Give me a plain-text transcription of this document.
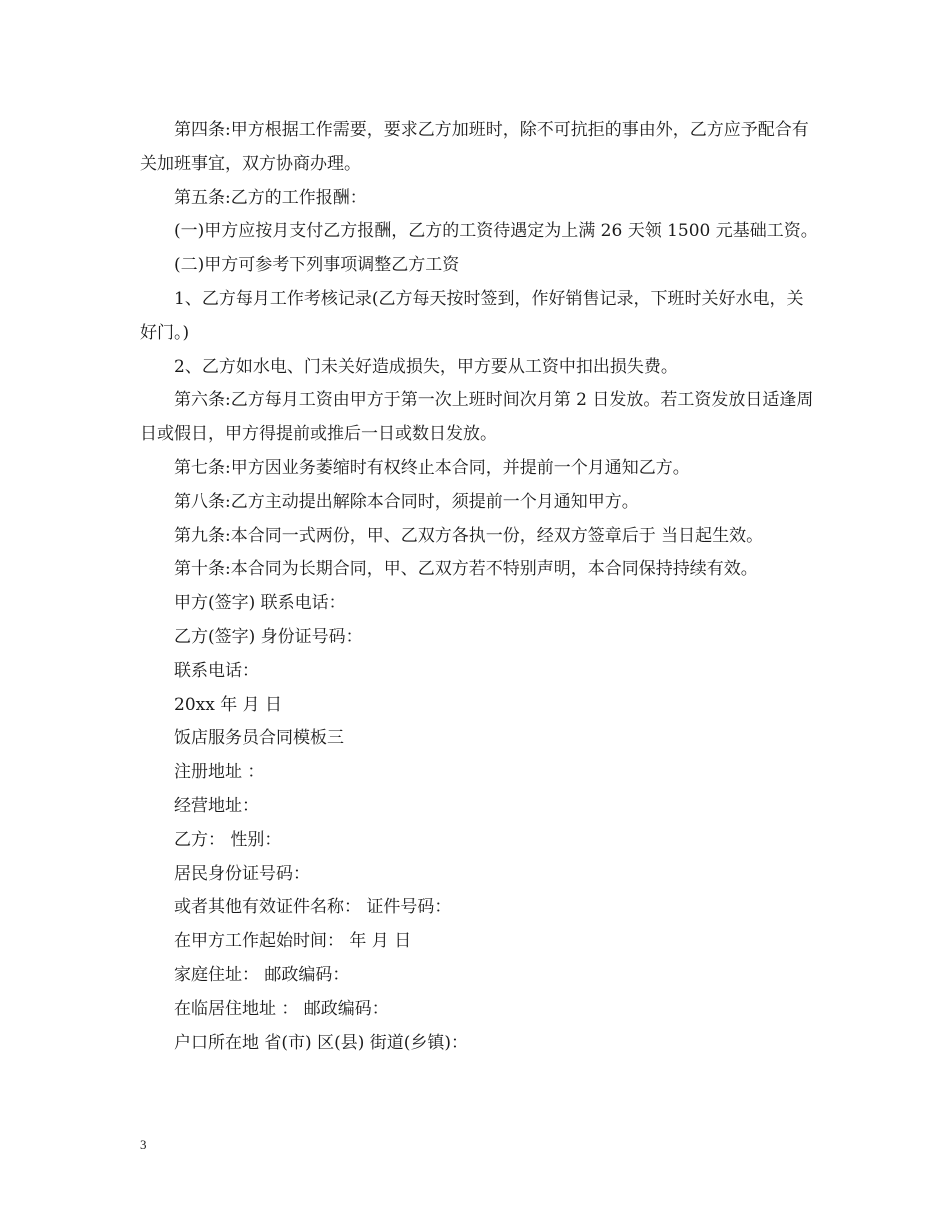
第四条:甲方根据工作需要，要求乙方加班时，除不可抗拒的事由外，乙方应予配合有关加班事宜，双方协商办理。

第五条:乙方的工作报酬：

(一)甲方应按月支付乙方报酬，乙方的工资待遇定为上满 26 天领 1500 元基础工资。

(二)甲方可参考下列事项调整乙方工资

1、乙方每月工作考核记录(乙方每天按时签到，作好销售记录，下班时关好水电，关好门。)

2、乙方如水电、门未关好造成损失，甲方要从工资中扣出损失费。

第六条:乙方每月工资由甲方于第一次上班时间次月第 2 日发放。若工资发放日适逢周日或假日，甲方得提前或推后一日或数日发放。

第七条:甲方因业务萎缩时有权终止本合同，并提前一个月通知乙方。

第八条:乙方主动提出解除本合同时，须提前一个月通知甲方。

第九条:本合同一式两份，甲、乙双方各执一份，经双方签章后于 当日起生效。

第十条:本合同为长期合同，甲、乙双方若不特别声明，本合同保持持续有效。

甲方(签字) 联系电话：

乙方(签字) 身份证号码：

联系电话：

20xx 年 月 日

饭店服务员合同模板三

注册地址 ：

经营地址：

乙方： 性别：

居民身份证号码：

或者其他有效证件名称： 证件号码：

在甲方工作起始时间： 年 月 日

家庭住址： 邮政编码：

在临居住地址 ： 邮政编码：

户口所在地 省(市) 区(县) 街道(乡镇)：

3
